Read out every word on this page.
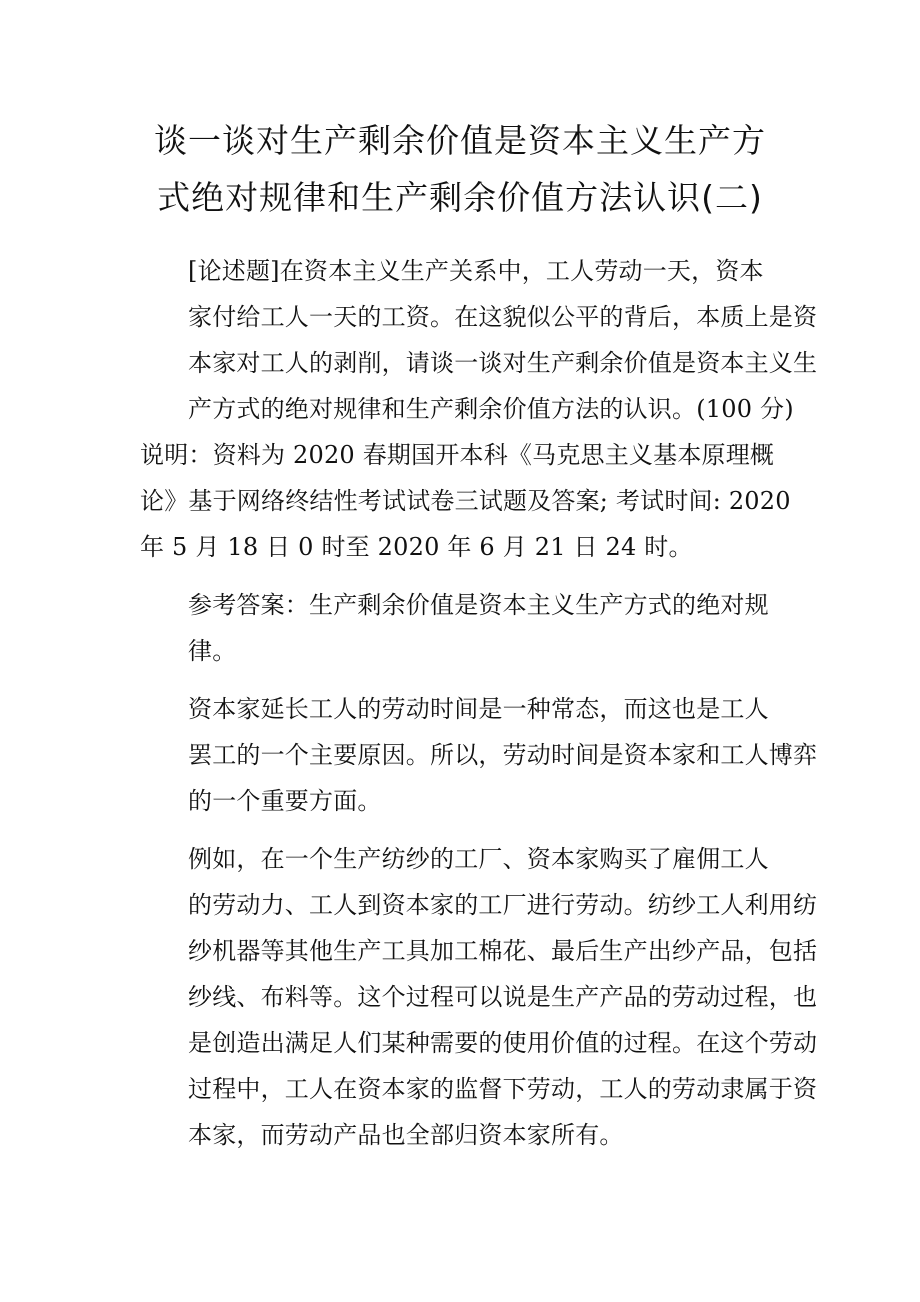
谈一谈对生产剩余价值是资本主义生产方
式绝对规律和生产剩余价值方法认识(二)

[论述题]在资本主义生产关系中，工人劳动一天，资本
家付给工人一天的工资。在这貌似公平的背后，本质上是资
本家对工人的剥削，请谈一谈对生产剩余价值是资本主义生
产方式的绝对规律和生产剩余价值方法的认识。(100 分)

说明：资料为 2020 春期国开本科《马克思主义基本原理概
论》基于网络终结性考试试卷三试题及答案; 考试时间: 2020
年 5 月 18 日 0 时至 2020 年 6 月 21 日 24 时。

参考答案：生产剩余价值是资本主义生产方式的绝对规
律。

资本家延长工人的劳动时间是一种常态，而这也是工人
罢工的一个主要原因。所以，劳动时间是资本家和工人博弈
的一个重要方面。

例如，在一个生产纺纱的工厂、资本家购买了雇佣工人
的劳动力、工人到资本家的工厂进行劳动。纺纱工人利用纺
纱机器等其他生产工具加工棉花、最后生产出纱产品，包括
纱线、布料等。这个过程可以说是生产产品的劳动过程，也
是创造出满足人们某种需要的使用价值的过程。在这个劳动
过程中，工人在资本家的监督下劳动，工人的劳动隶属于资
本家，而劳动产品也全部归资本家所有。
